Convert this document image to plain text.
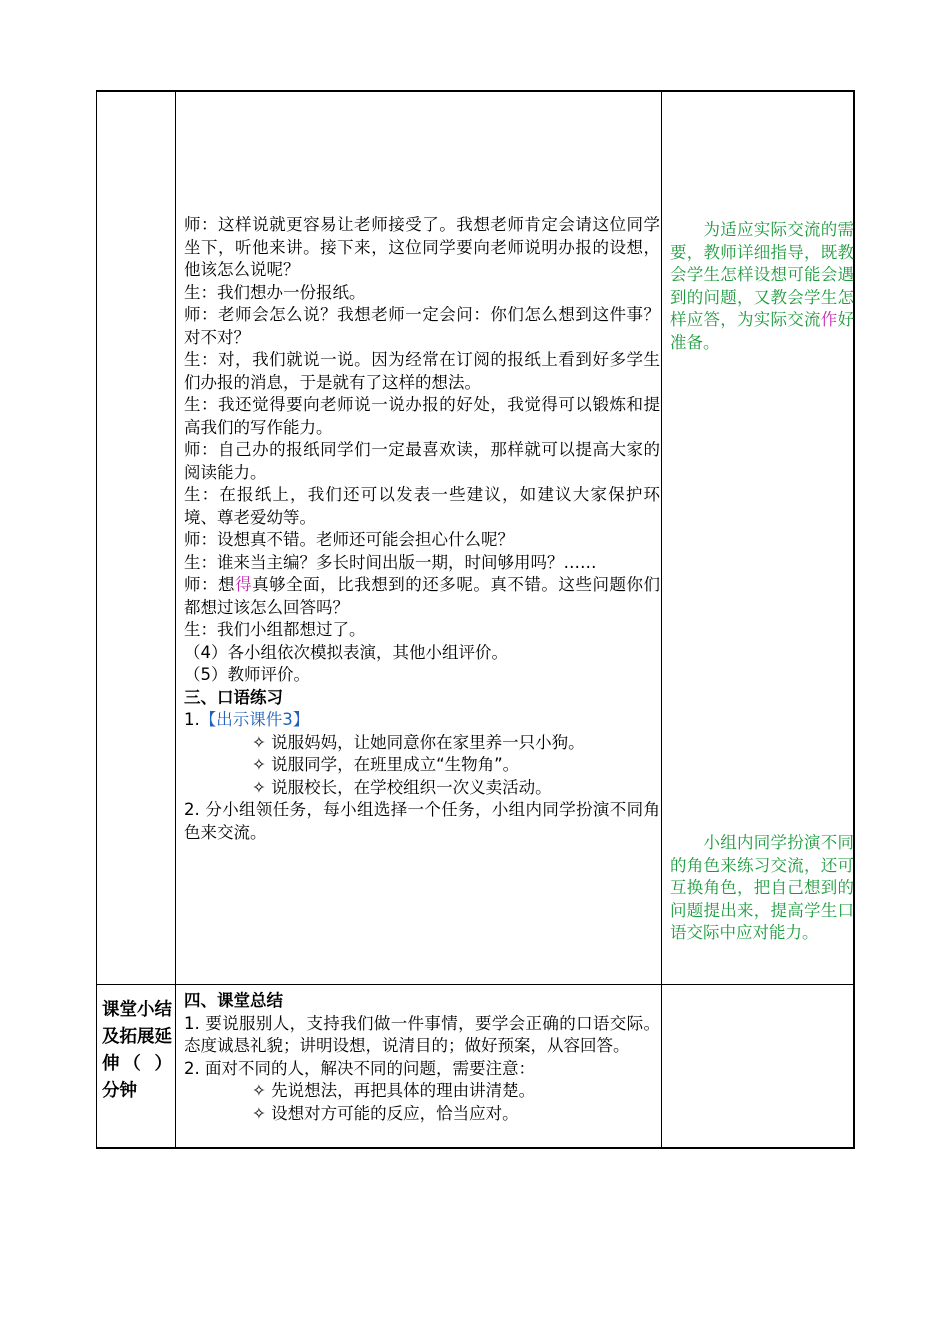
师：这样说就更容易让老师接受了。我想老师肯定会请这位同学坐下，听他来讲。接下来，这位同学要向老师说明办报的设想，他该怎么说呢？

生：我们想办一份报纸。

师：老师会怎么说？我想老师一定会问：你们怎么想到这件事？对不对？

生：对，我们就说一说。因为经常在订阅的报纸上看到好多学生们办报的消息，于是就有了这样的想法。

生：我还觉得要向老师说一说办报的好处，我觉得可以锻炼和提高我们的写作能力。

师：自己办的报纸同学们一定最喜欢读，那样就可以提高大家的阅读能力。

生：在报纸上，我们还可以发表一些建议，如建议大家保护环境、尊老爱幼等。

师：设想真不错。老师还可能会担心什么呢？

生：谁来当主编？多长时间出版一期，时间够用吗？……

师：想得真够全面，比我想到的还多呢。真不错。这些问题你们都想过该怎么回答吗？

生：我们小组都想过了。

（4）各小组依次模拟表演，其他小组评价。

（5）教师评价。

三、口语练习

1.【出示课件3】

✧ 说服妈妈，让她同意你在家里养一只小狗。

✧ 说服同学，在班里成立“生物角”。

✧ 说服校长，在学校组织一次义卖活动。

2. 分小组领任务，每小组选择一个任务，小组内同学扮演不同角色来交流。

　　为适应实际交流的需要，教师详细指导，既教会学生怎样设想可能会遇到的问题，又教会学生怎样应答，为实际交流作好准备。

　　小组内同学扮演不同的角色来练习交流，还可互换角色，把自己想到的问题提出来，提高学生口语交际中应对能力。

课堂小结及拓展延伸（ ）分钟

四、课堂总结

1. 要说服别人，支持我们做一件事情，要学会正确的口语交际。态度诚恳礼貌；讲明设想，说清目的；做好预案，从容回答。

2. 面对不同的人，解决不同的问题，需要注意：

✧ 先说想法，再把具体的理由讲清楚。

✧ 设想对方可能的反应，恰当应对。
